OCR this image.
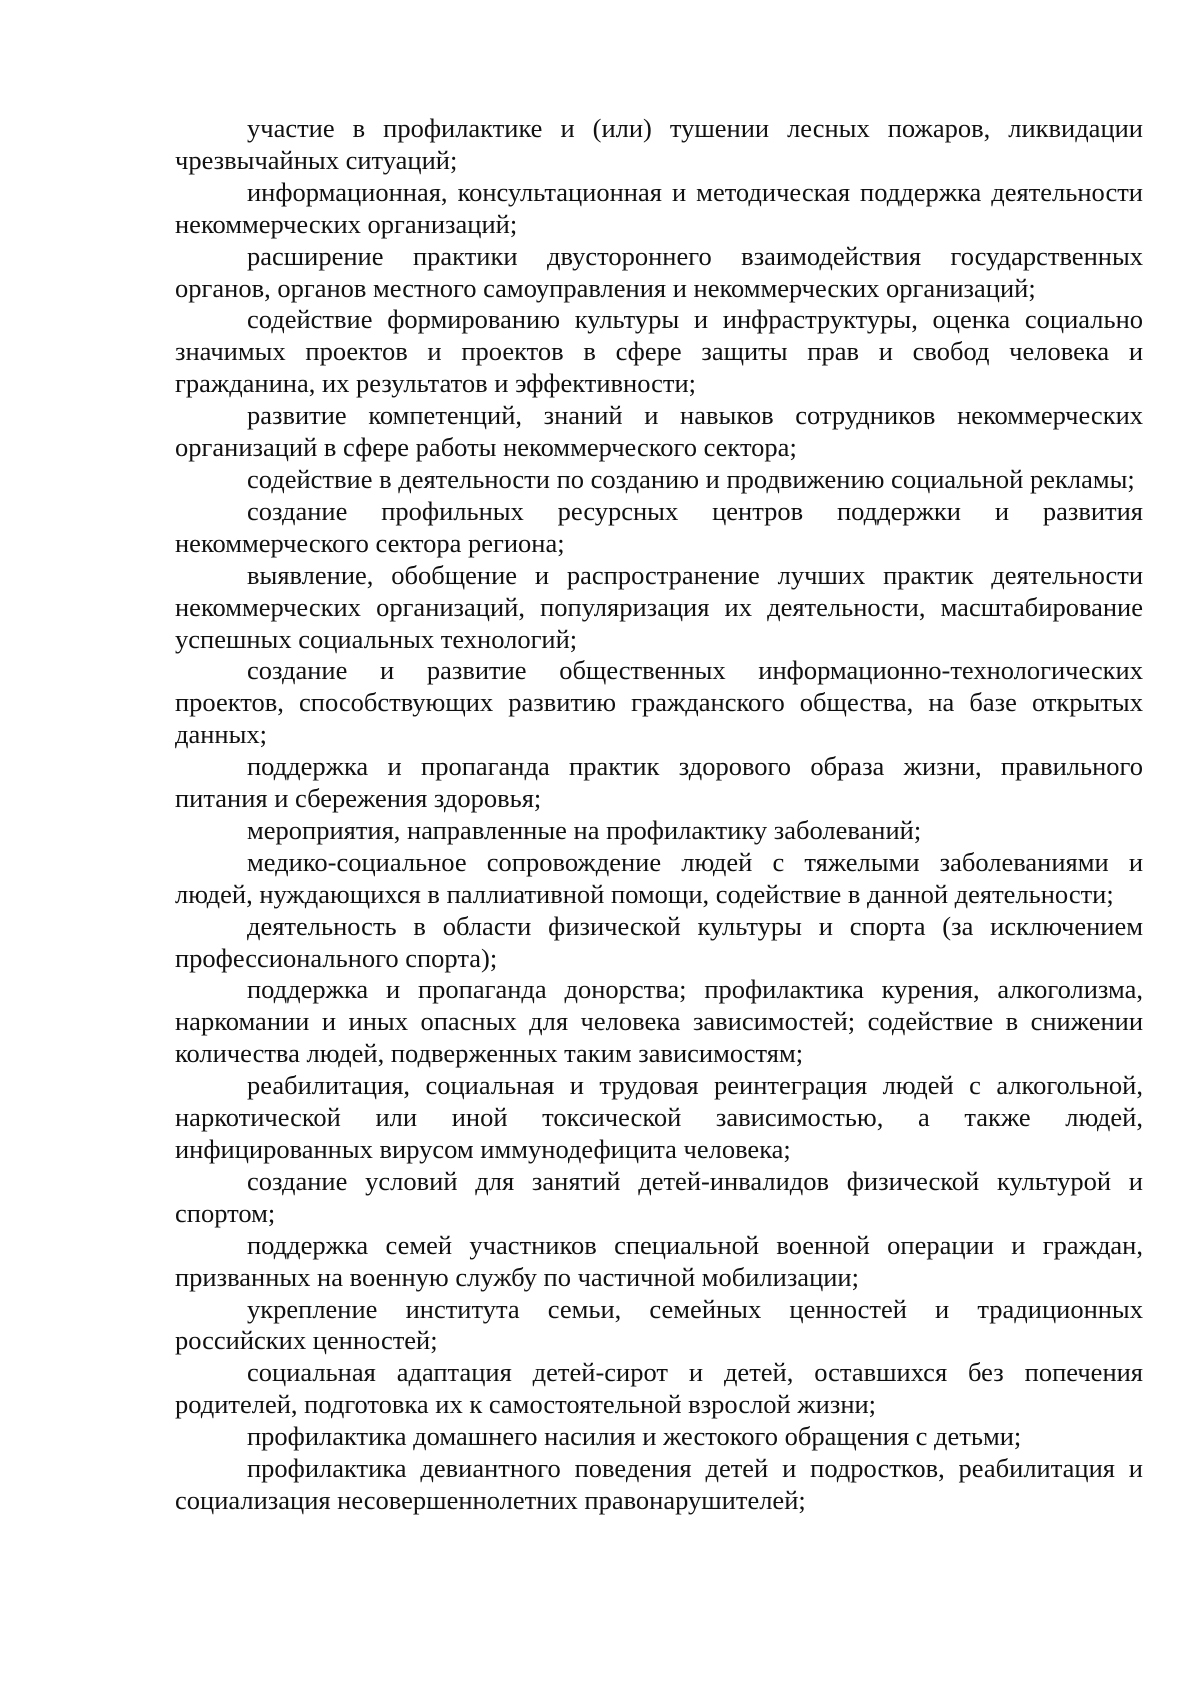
участие в профилактике и (или) тушении лесных пожаров, ликвидации чрезвычайных ситуаций;

информационная, консультационная и методическая поддержка деятельности некоммерческих организаций;

расширение практики двустороннего взаимодействия государственных органов, органов местного самоуправления и некоммерческих организаций;

содействие формированию культуры и инфраструктуры, оценка социально значимых проектов и проектов в сфере защиты прав и свобод человека и гражданина, их результатов и эффективности;

развитие компетенций, знаний и навыков сотрудников некоммерческих организаций в сфере работы некоммерческого сектора;

содействие в деятельности по созданию и продвижению социальной рекламы;

создание профильных ресурсных центров поддержки и развития некоммерческого сектора региона;

выявление, обобщение и распространение лучших практик деятельности некоммерческих организаций, популяризация их деятельности, масштабирование успешных социальных технологий;

создание и развитие общественных информационно-технологических проектов, способствующих развитию гражданского общества, на базе открытых данных;

поддержка и пропаганда практик здорового образа жизни, правильного питания и сбережения здоровья;

мероприятия, направленные на профилактику заболеваний;

медико-социальное сопровождение людей с тяжелыми заболеваниями и людей, нуждающихся в паллиативной помощи, содействие в данной деятельности;

деятельность в области физической культуры и спорта (за исключением профессионального спорта);

поддержка и пропаганда донорства; профилактика курения, алкоголизма, наркомании и иных опасных для человека зависимостей; содействие в снижении количества людей, подверженных таким зависимостям;

реабилитация, социальная и трудовая реинтеграция людей с алкогольной, наркотической или иной токсической зависимостью, а также людей, инфицированных вирусом иммунодефицита человека;

создание условий для занятий детей-инвалидов физической культурой и спортом;

поддержка семей участников специальной военной операции и граждан, призванных на военную службу по частичной мобилизации;

укрепление института семьи, семейных ценностей и традиционных российских ценностей;

социальная адаптация детей-сирот и детей, оставшихся без попечения родителей, подготовка их к самостоятельной взрослой жизни;

профилактика домашнего насилия и жестокого обращения с детьми;

профилактика девиантного поведения детей и подростков, реабилитация и социализация несовершеннолетних правонарушителей;
